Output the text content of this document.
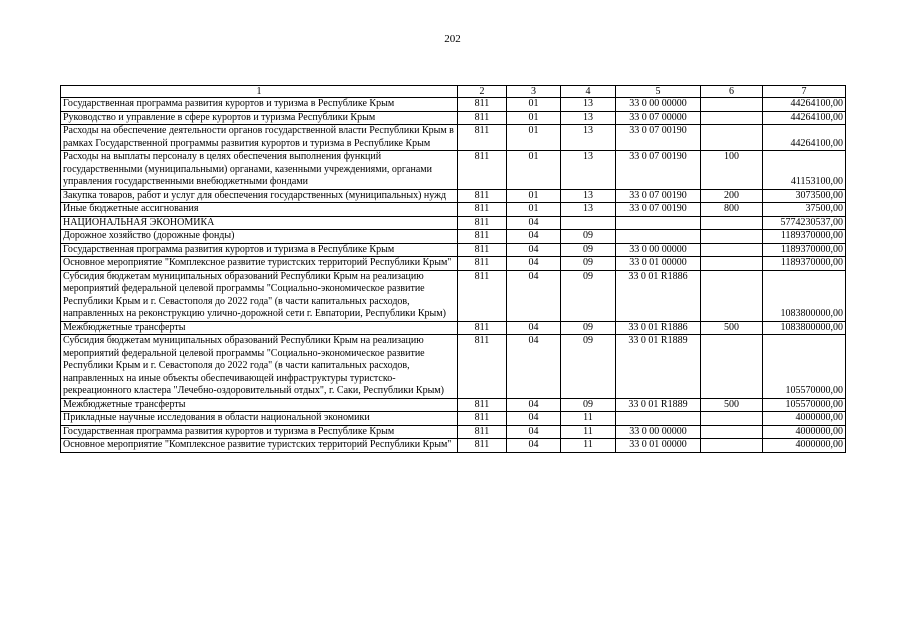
202
1	2	3	4	5	6	7
Государственная программа развития курортов и туризма в Республике Крым	811	01	13	33 0 00 00000		44264100,00
Руководство и управление в сфере курортов и туризма Республики Крым	811	01	13	33 0 07 00000		44264100,00
Расходы на обеспечение деятельности органов государственной власти Республики Крым в рамках Государственной программы развития курортов и туризма в Республике Крым	811	01	13	33 0 07 00190		44264100,00
Расходы на выплаты персоналу в целях обеспечения выполнения функций государственными (муниципальными) органами, казенными учреждениями, органами управления государственными внебюджетными фондами	811	01	13	33 0 07 00190	100	41153100,00
Закупка товаров, работ и услуг для обеспечения государственных (муниципальных) нужд	811	01	13	33 0 07 00190	200	3073500,00
Иные бюджетные ассигнования	811	01	13	33 0 07 00190	800	37500,00
НАЦИОНАЛЬНАЯ ЭКОНОМИКА	811	04				5774230537,00
Дорожное хозяйство (дорожные фонды)	811	04	09			1189370000,00
Государственная программа развития курортов и туризма в Республике Крым	811	04	09	33 0 00 00000		1189370000,00
Основное мероприятие "Комплексное развитие туристских территорий Республики Крым"	811	04	09	33 0 01 00000		1189370000,00
Субсидия бюджетам муниципальных образований Республики Крым на реализацию мероприятий федеральной целевой программы "Социально-экономическое развитие Республики Крым и г. Севастополя до 2022 года" (в части капитальных расходов, направленных на реконструкцию улично-дорожной сети г. Евпатории, Республики Крым)	811	04	09	33 0 01 R1886		1083800000,00
Межбюджетные трансферты	811	04	09	33 0 01 R1886	500	1083800000,00
Субсидия бюджетам муниципальных образований Республики Крым на реализацию мероприятий федеральной целевой программы "Социально-экономическое развитие Республики Крым и г. Севастополя до 2022 года" (в части капитальных расходов, направленных на иные объекты обеспечивающей инфраструктуры туристско-рекреационного кластера "Лечебно-оздоровительный отдых", г. Саки, Республики Крым)	811	04	09	33 0 01 R1889		105570000,00
Межбюджетные трансферты	811	04	09	33 0 01 R1889	500	105570000,00
Прикладные научные исследования в области национальной экономики	811	04	11			4000000,00
Государственная программа развития курортов и туризма в Республике Крым	811	04	11	33 0 00 00000		4000000,00
Основное мероприятие "Комплексное развитие туристских территорий Республики Крым"	811	04	11	33 0 01 00000		4000000,00
